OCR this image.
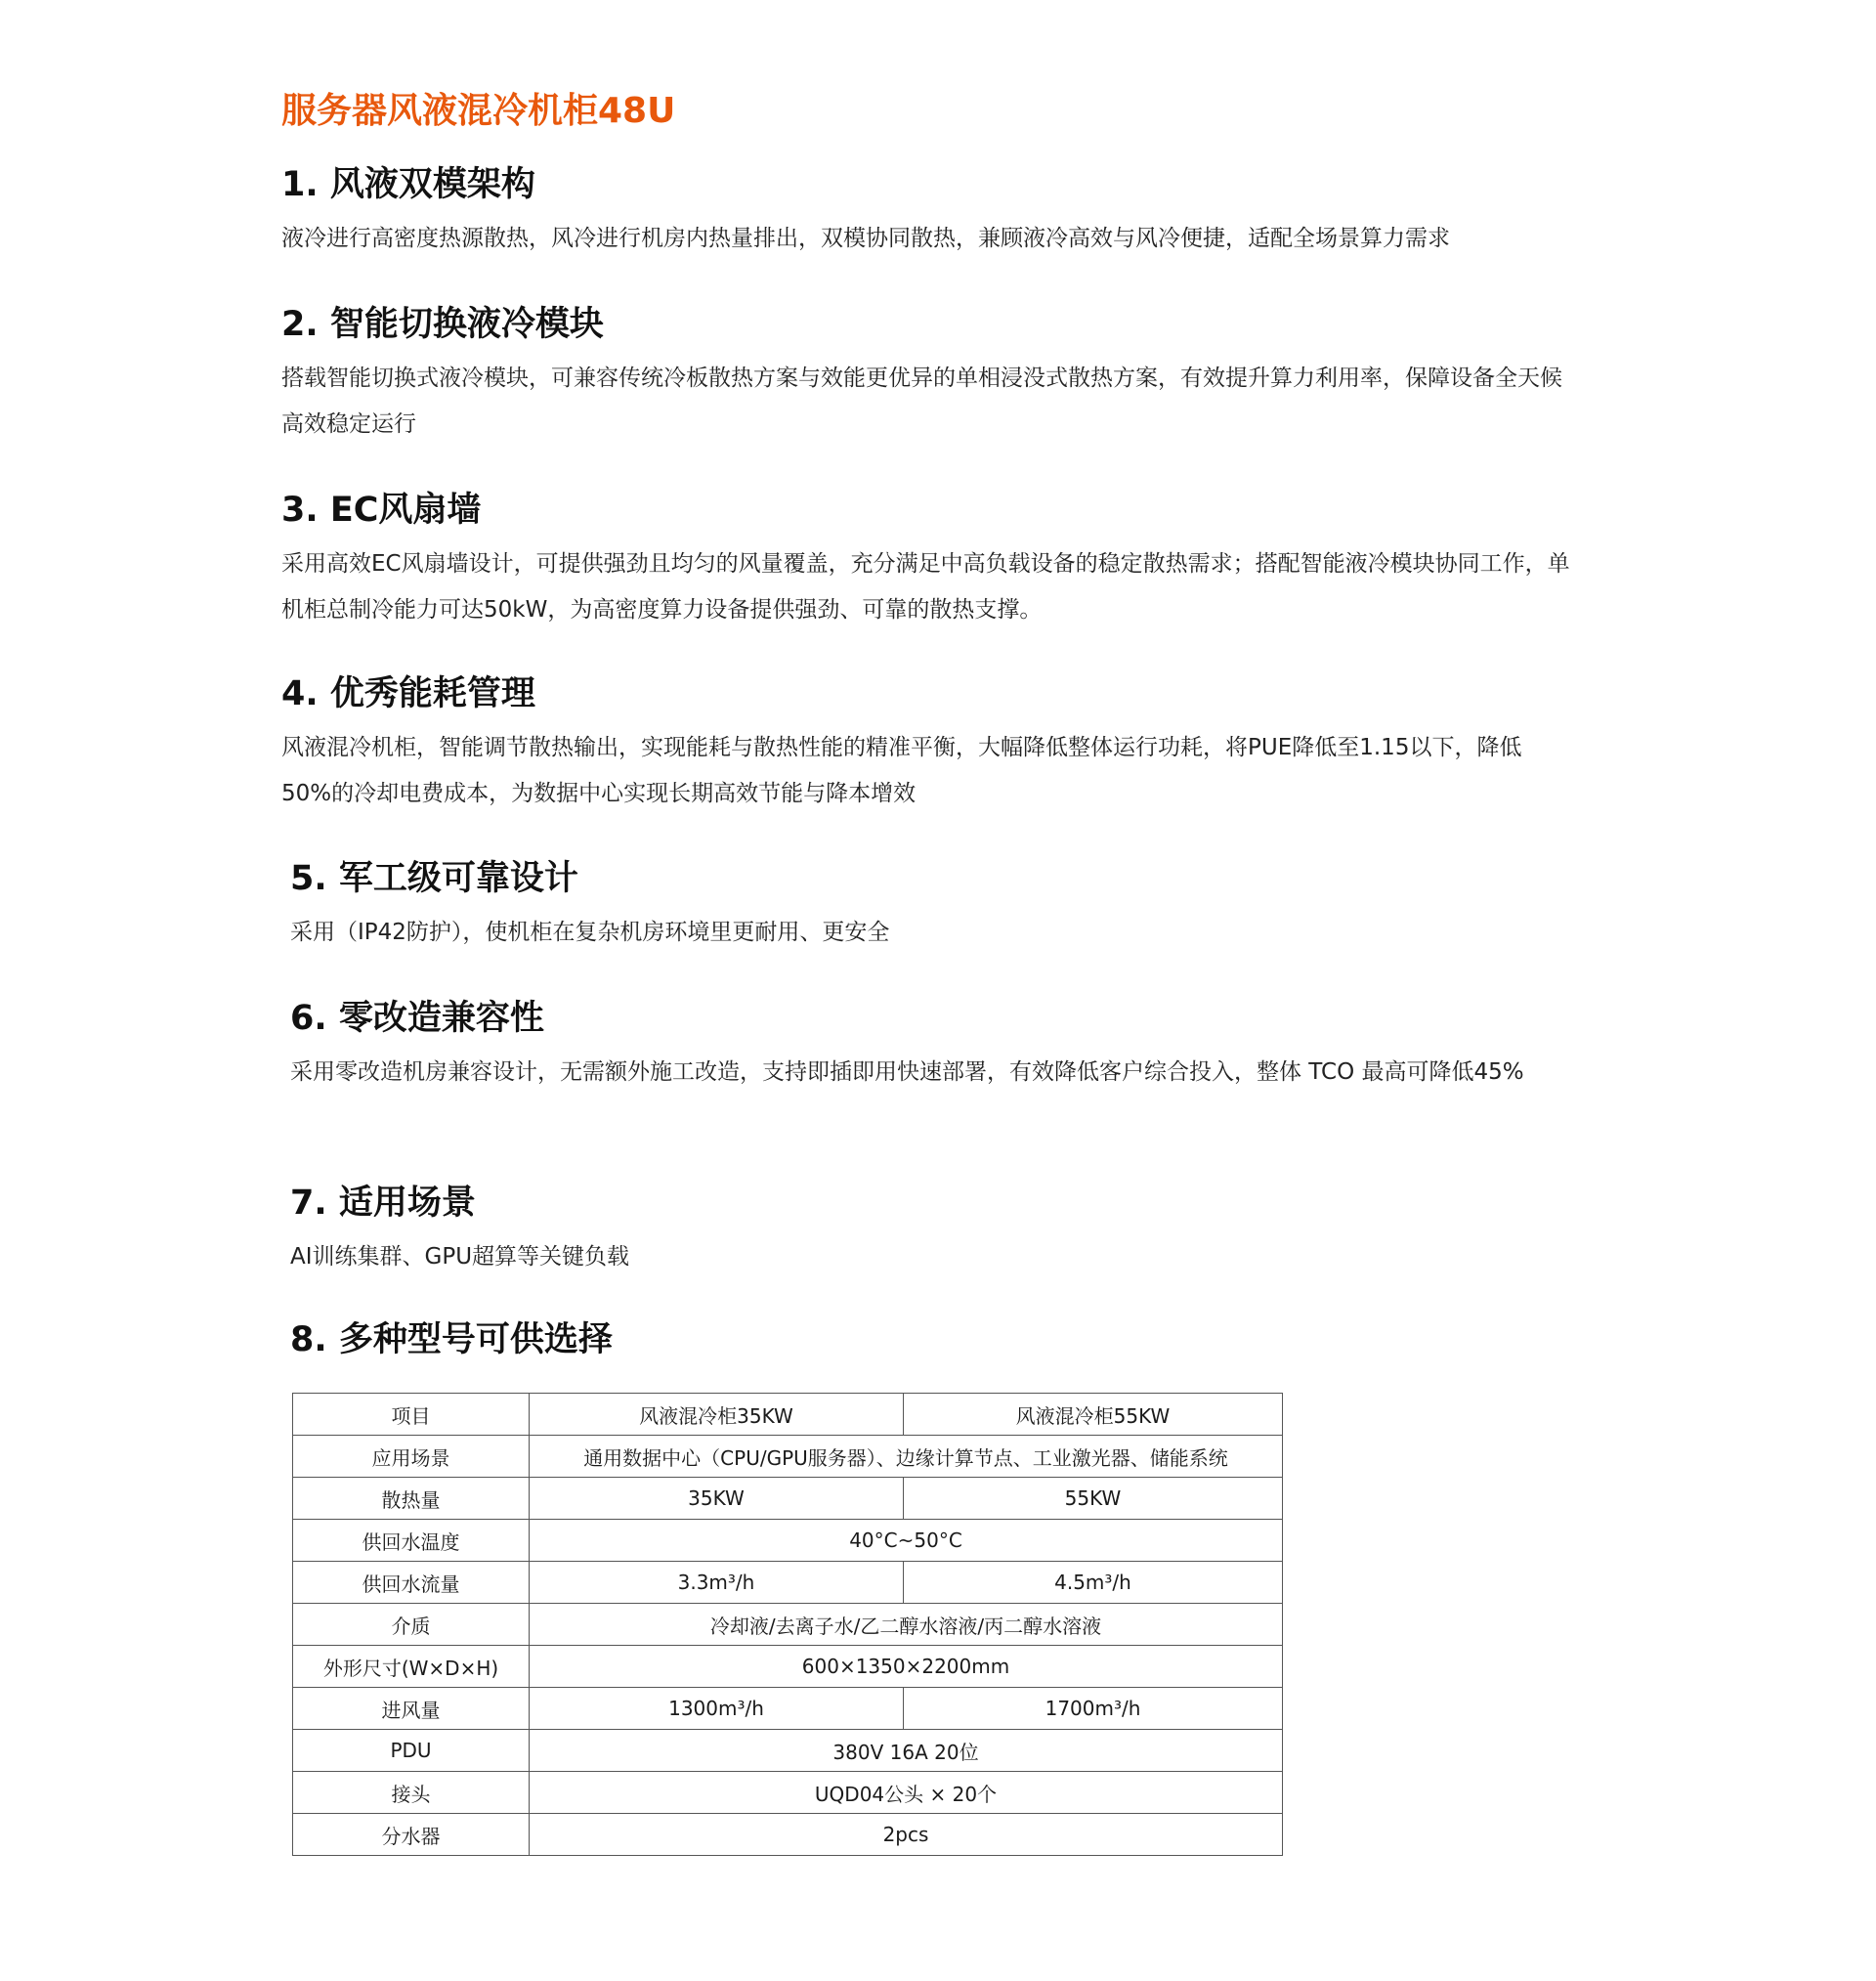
服务器风液混冷机柜48U
1. 风液双模架构

液冷进行高密度热源散热，风冷进行机房内热量排出，双模协同散热，兼顾液冷高效与风冷便捷，适配全场景算力需求

2. 智能切换液冷模块

搭载智能切换式液冷模块，可兼容传统冷板散热方案与效能更优异的单相浸没式散热方案，有效提升算力利用率，保障设备全天候高效稳定运行

3. EC风扇墙

采用高效EC风扇墙设计，可提供强劲且均匀的风量覆盖，充分满足中高负载设备的稳定散热需求；搭配智能液冷模块协同工作，单机柜总制冷能力可达50kW，为高密度算力设备提供强劲、可靠的散热支撑。

4. 优秀能耗管理

风液混冷机柜，智能调节散热输出，实现能耗与散热性能的精准平衡，大幅降低整体运行功耗，将PUE降低至1.15以下，降低50%的冷却电费成本，为数据中心实现长期高效节能与降本增效

5. 军工级可靠设计

采用（IP42防护），使机柜在复杂机房环境里更耐用、更安全

6. 零改造兼容性

采用零改造机房兼容设计，无需额外施工改造，支持即插即用快速部署，有效降低客户综合投入，整体 TCO 最高可降低45%

7. 适用场景

AI训练集群、GPU超算等关键负载

8. 多种型号可供选择
项目	风液混冷柜35KW	风液混冷柜55KW
应用场景	通用数据中心（CPU/GPU服务器）、边缘计算节点、工业激光器、储能系统	
散热量	35KW	55KW
供回水温度	40°C~50°C	
供回水流量	3.3m³/h	4.5m³/h
介质	冷却液/去离子水/乙二醇水溶液/丙二醇水溶液	
外形尺寸(W×D×H)	600×1350×2200mm	
进风量	1300m³/h	1700m³/h
PDU	380V 16A 20位	
接头	UQD04公头 × 20个	
分水器	2pcs	
